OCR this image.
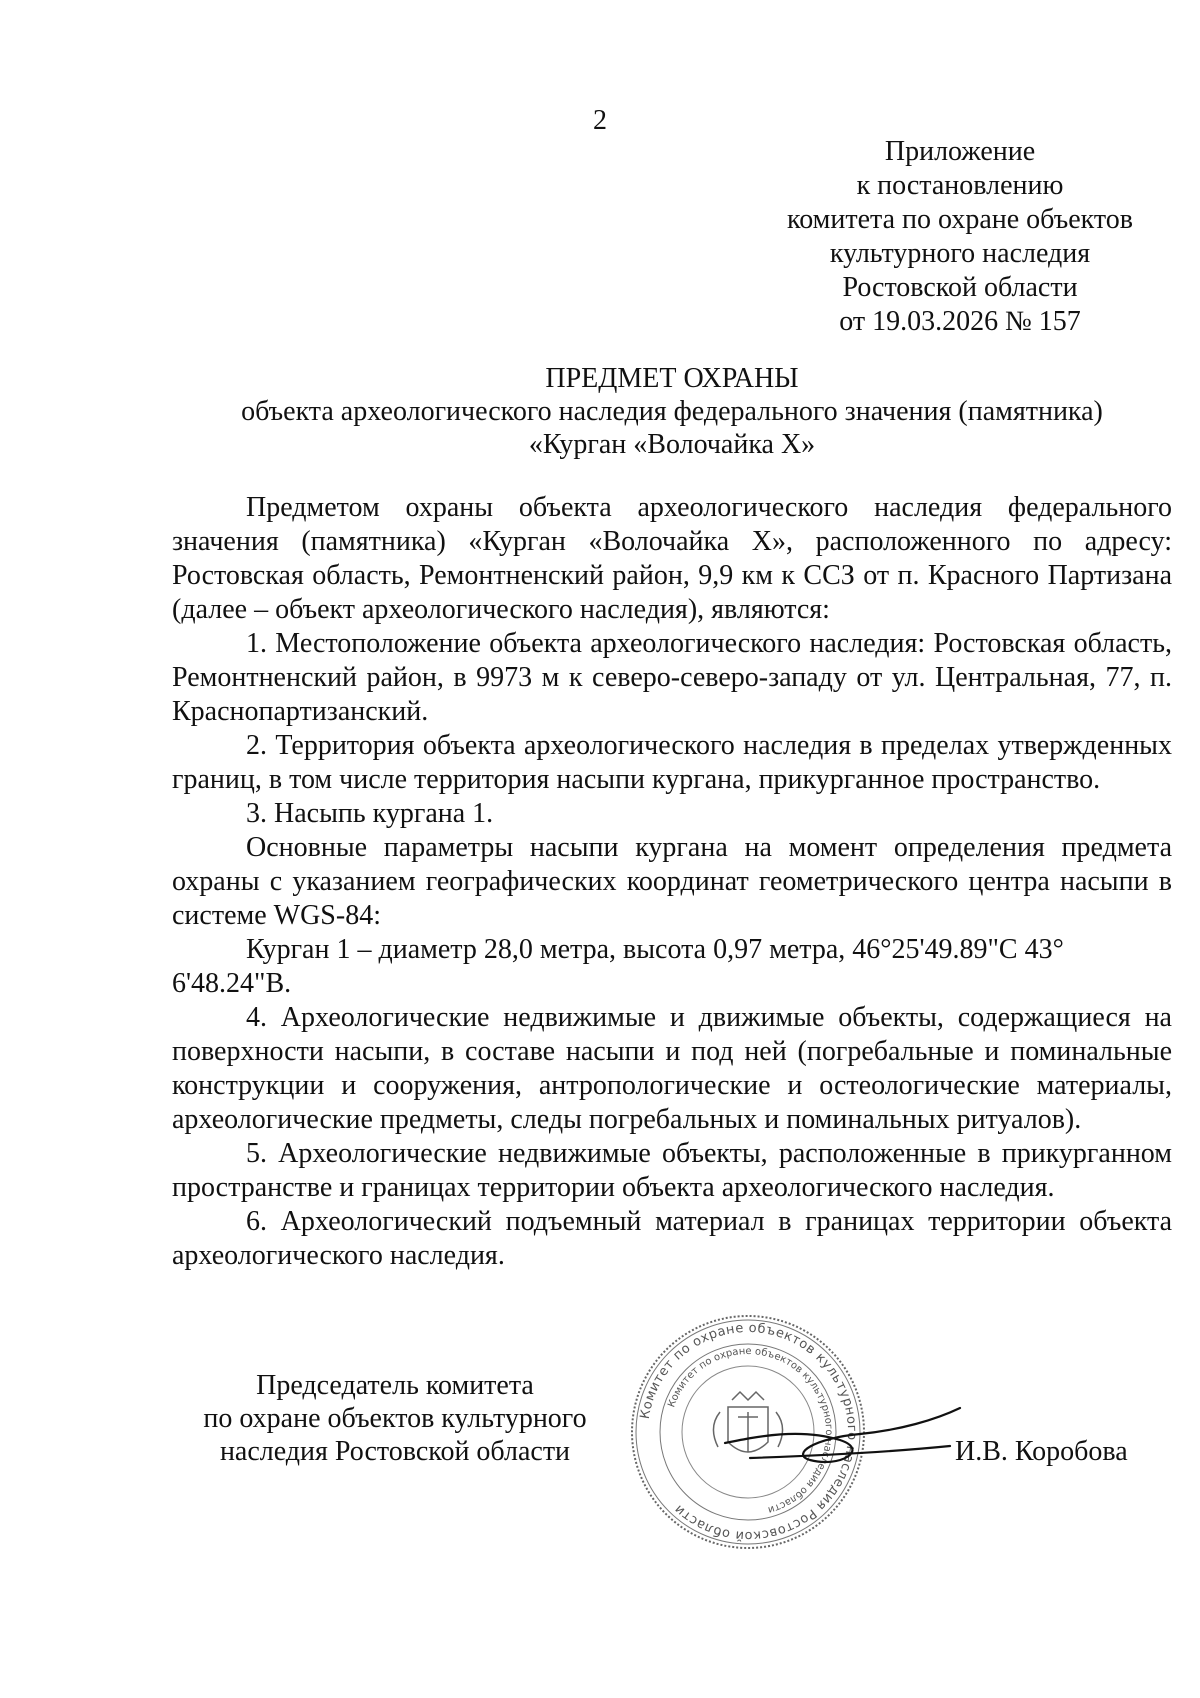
2
Приложение
к постановлению
комитета по охране объектов
культурного наследия
Ростовской области
от 19.03.2026 № 157
ПРЕДМЕТ ОХРАНЫ
объекта археологического наследия федерального значения (памятника)
«Курган «Волочайка Х»

Предметом охраны объекта археологического наследия федерального значения (памятника) «Курган «Волочайка Х», расположенного по адресу: Ростовская область, Ремонтненский район, 9,9 км к ССЗ от п. Красного Партизана (далее – объект археологического наследия), являются:

1. Местоположение объекта археологического наследия: Ростовская область, Ремонтненский район, в 9973 м к северо-северо-западу от ул. Центральная, 77, п. Краснопартизанский.

2. Территория объекта археологического наследия в пределах утвержденных границ, в том числе территория насыпи кургана, прикурганное пространство.

3. Насыпь кургана 1.

Основные параметры насыпи кургана на момент определения предмета охраны с указанием географических координат геометрического центра насыпи в системе WGS-84:

Курган 1 – диаметр 28,0 метра, высота 0,97 метра, 46°25'49.89"С 43° 6'48.24"В.

4. Археологические недвижимые и движимые объекты, содержащиеся на поверхности насыпи, в составе насыпи и под ней (погребальные и поминальные конструкции и сооружения, антропологические и остеологические материалы, археологические предметы, следы погребальных и поминальных ритуалов).

5. Археологические недвижимые объекты, расположенные в прикурганном пространстве и границах территории объекта археологического наследия.

6. Археологический подъемный материал в границах территории объекта археологического наследия.

Председатель комитета
по охране объектов культурного
наследия Ростовской области
Комитет по охране объектов культурного наследия Ростовской области
Комитет по охране объектов культурного наследия области
И.В. Коробова
